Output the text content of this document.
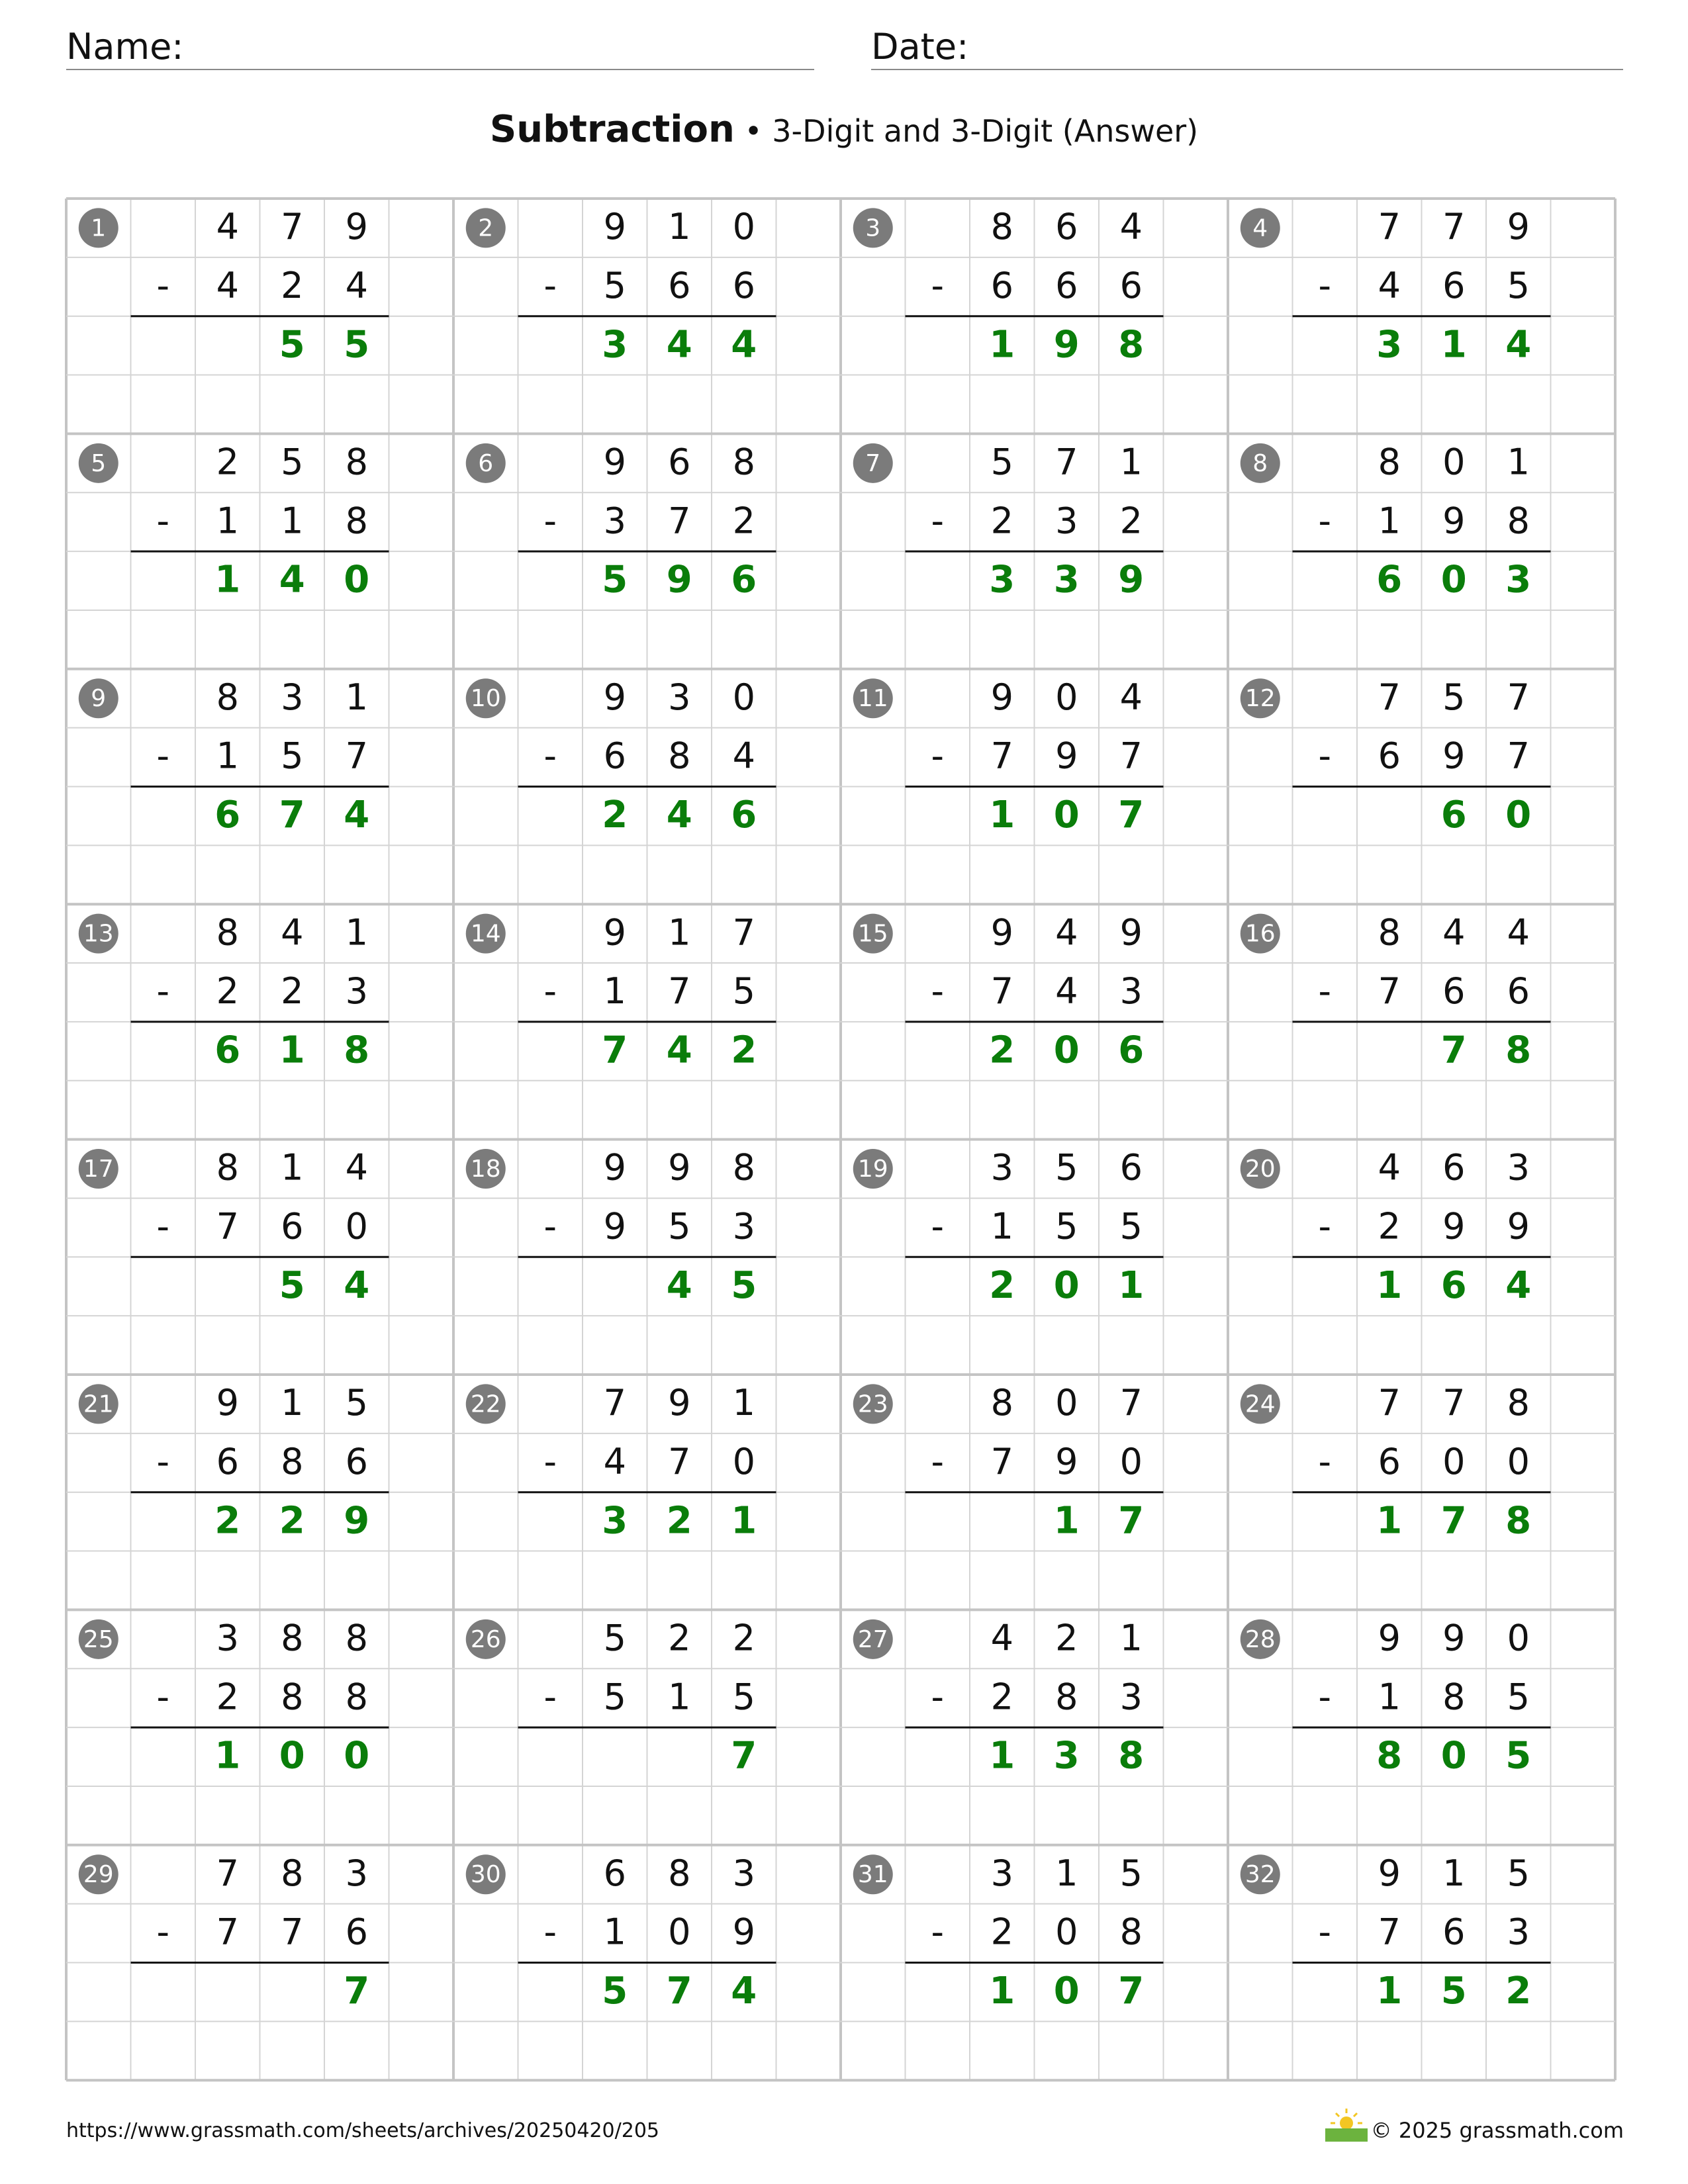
Name:	Date:
Subtraction • 3-Digit and 3-Digit (Answer)
1	4 7 9
- 4 2 4
5 5
2	9 1 0
- 5 6 6
3 4 4
3	8 6 4
- 6 6 6
1 9 8
4	7 7 9
- 4 6 5
3 1 4
5	2 5 8
- 1 1 8
1 4 0
6	9 6 8
- 3 7 2
5 9 6
7	5 7 1
- 2 3 2
3 3 9
8	8 0 1
- 1 9 8
6 0 3
9	8 3 1
- 1 5 7
6 7 4
10	9 3 0
- 6 8 4
2 4 6
11	9 0 4
- 7 9 7
1 0 7
12	7 5 7
- 6 9 7
6 0
13	8 4 1
- 2 2 3
6 1 8
14	9 1 7
- 1 7 5
7 4 2
15	9 4 9
- 7 4 3
2 0 6
16	8 4 4
- 7 6 6
7 8
17	8 1 4
- 7 6 0
5 4
18	9 9 8
- 9 5 3
4 5
19	3 5 6
- 1 5 5
2 0 1
20	4 6 3
- 2 9 9
1 6 4
21	9 1 5
- 6 8 6
2 2 9
22	7 9 1
- 4 7 0
3 2 1
23	8 0 7
- 7 9 0
1 7
24	7 7 8
- 6 0 0
1 7 8
25	3 8 8
- 2 8 8
1 0 0
26	5 2 2
- 5 1 5
7
27	4 2 1
- 2 8 3
1 3 8
28	9 9 0
- 1 8 5
8 0 5
29	7 8 3
- 7 7 6
7
30	6 8 3
- 1 0 9
5 7 4
31	3 1 5
- 2 0 8
1 0 7
32	9 1 5
- 7 6 3
1 5 2
https://www.grassmath.com/sheets/archives/20250420/205	© 2025 grassmath.com
